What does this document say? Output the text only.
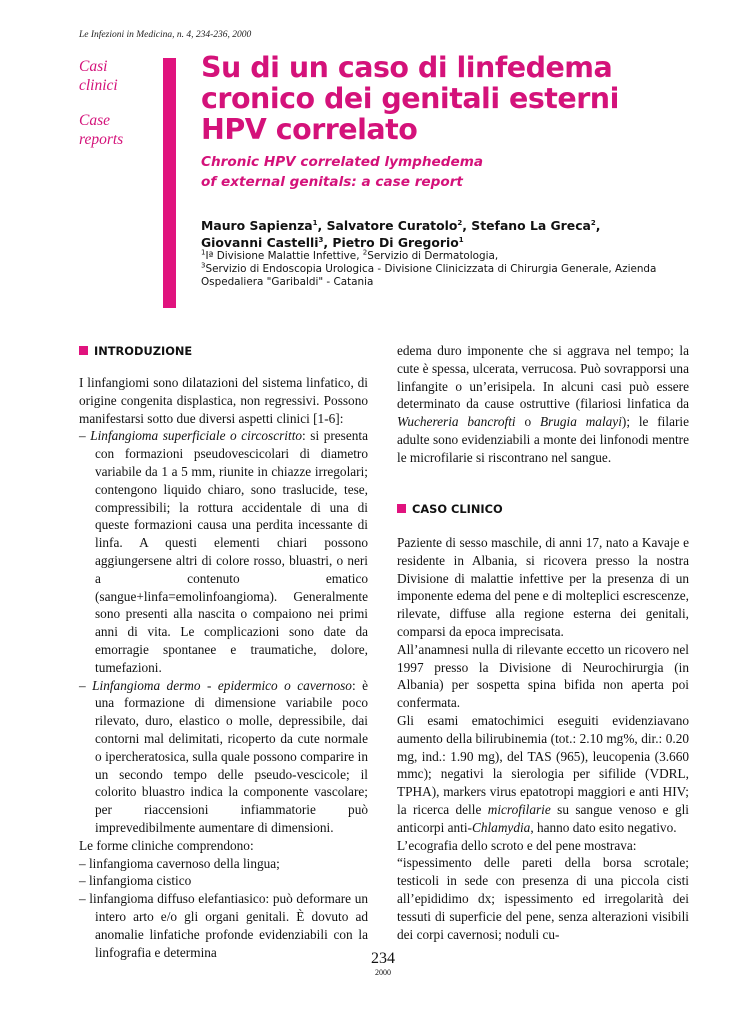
Le Infezioni in Medicina, n. 4, 234-236, 2000
Casi
clinici
Case
reports
Su di un caso di linfedema
cronico dei genitali esterni
HPV correlato
Chronic HPV correlated lymphedema
of external genitals: a case report
Mauro Sapienza$^1$, Salvatore Curatolo$^2$, Stefano La Greca$^2$,
Giovanni Castelli$^3$, Pietro Di Gregorio$^1$
$^1$Iª Divisione Malattie Infettive, $^2$Servizio di Dermatologia,
$^3$Servizio di Endoscopia Urologica - Divisione Clinicizzata di Chirurgia Generale, Azienda
Ospedaliera "Garibaldi" - Catania
INTRODUZIONE

I linfangiomi sono dilatazioni del sistema linfatico, di origine congenita displastica, non regressivi. Possono manifestarsi sotto due diversi aspetti clinici [1-6]:

– Linfangioma superficiale o circoscritto: si presenta con formazioni pseudovescicolari di diametro variabile da 1 a 5 mm, riunite in chiazze irregolari; contengono liquido chiaro, sono traslucide, tese, compressibili; la rottura accidentale di una di queste formazioni causa una perdita incessante di linfa. A questi elementi chiari possono aggiungersene altri di colore rosso, bluastri, o neri a contenuto ematico (sangue+linfa=emolinfoangioma). Generalmente sono presenti alla nascita o compaiono nei primi anni di vita. Le complicazioni sono date da emorragie spontanee e traumatiche, dolore, tumefazioni.

– Linfangioma dermo - epidermico o cavernoso: è una formazione di dimensione variabile poco rilevato, duro, elastico o molle, depressibile, dai contorni mal delimitati, ricoperto da cute normale o ipercheratosica, sulla quale possono comparire in un secondo tempo delle pseudo-vescicole; il colorito bluastro indica la componente vascolare; per riaccensioni infiammatorie può imprevedibilmente aumentare di dimensioni.

Le forme cliniche comprendono:

– linfangioma cavernoso della lingua;

– linfangioma cistico

– linfangioma diffuso elefantiasico: può deformare un intero arto e/o gli organi genitali. È dovuto ad anomalie linfatiche profonde evidenziabili con la linfografia e determina

edema duro imponente che si aggrava nel tempo; la cute è spessa, ulcerata, verrucosa. Può sovrapporsi una linfangite o un’erisipela. In alcuni casi può essere determinato da cause ostruttive (filariosi linfatica da Wuchereria bancrofti o Brugia malayi); le filarie adulte sono evidenziabili a monte dei linfonodi mentre le microfilarie si riscontrano nel sangue.

CASO CLINICO

Paziente di sesso maschile, di anni 17, nato a Kavaje e residente in Albania, si ricovera presso la nostra Divisione di malattie infettive per la presenza di un imponente edema del pene e di molteplici escrescenze, rilevate, diffuse alla regione esterna dei genitali, comparsi da epoca imprecisata.

All’anamnesi nulla di rilevante eccetto un ricovero nel 1997 presso la Divisione di Neurochirurgia (in Albania) per sospetta spina bifida non aperta poi confermata.

Gli esami ematochimici eseguiti evidenziavano aumento della bilirubinemia (tot.: 2.10 mg%, dir.: 0.20 mg, ind.: 1.90 mg), del TAS (965), leucopenia (3.660 mmc); negativi la sierologia per sifilide (VDRL, TPHA), markers virus epatotropi maggiori e anti HIV; la ricerca delle microfilarie su sangue venoso e gli anticorpi anti-Chlamydia, hanno dato esito negativo.

L’ecografia dello scroto e del pene mostrava:

“ispessimento delle pareti della borsa scrotale; testicoli in sede con presenza di una piccola cisti all’epididimo dx; ispessimento ed irregolarità dei tessuti di superficie del pene, senza alterazioni visibili dei corpi cavernosi; noduli cu-

234
2000
